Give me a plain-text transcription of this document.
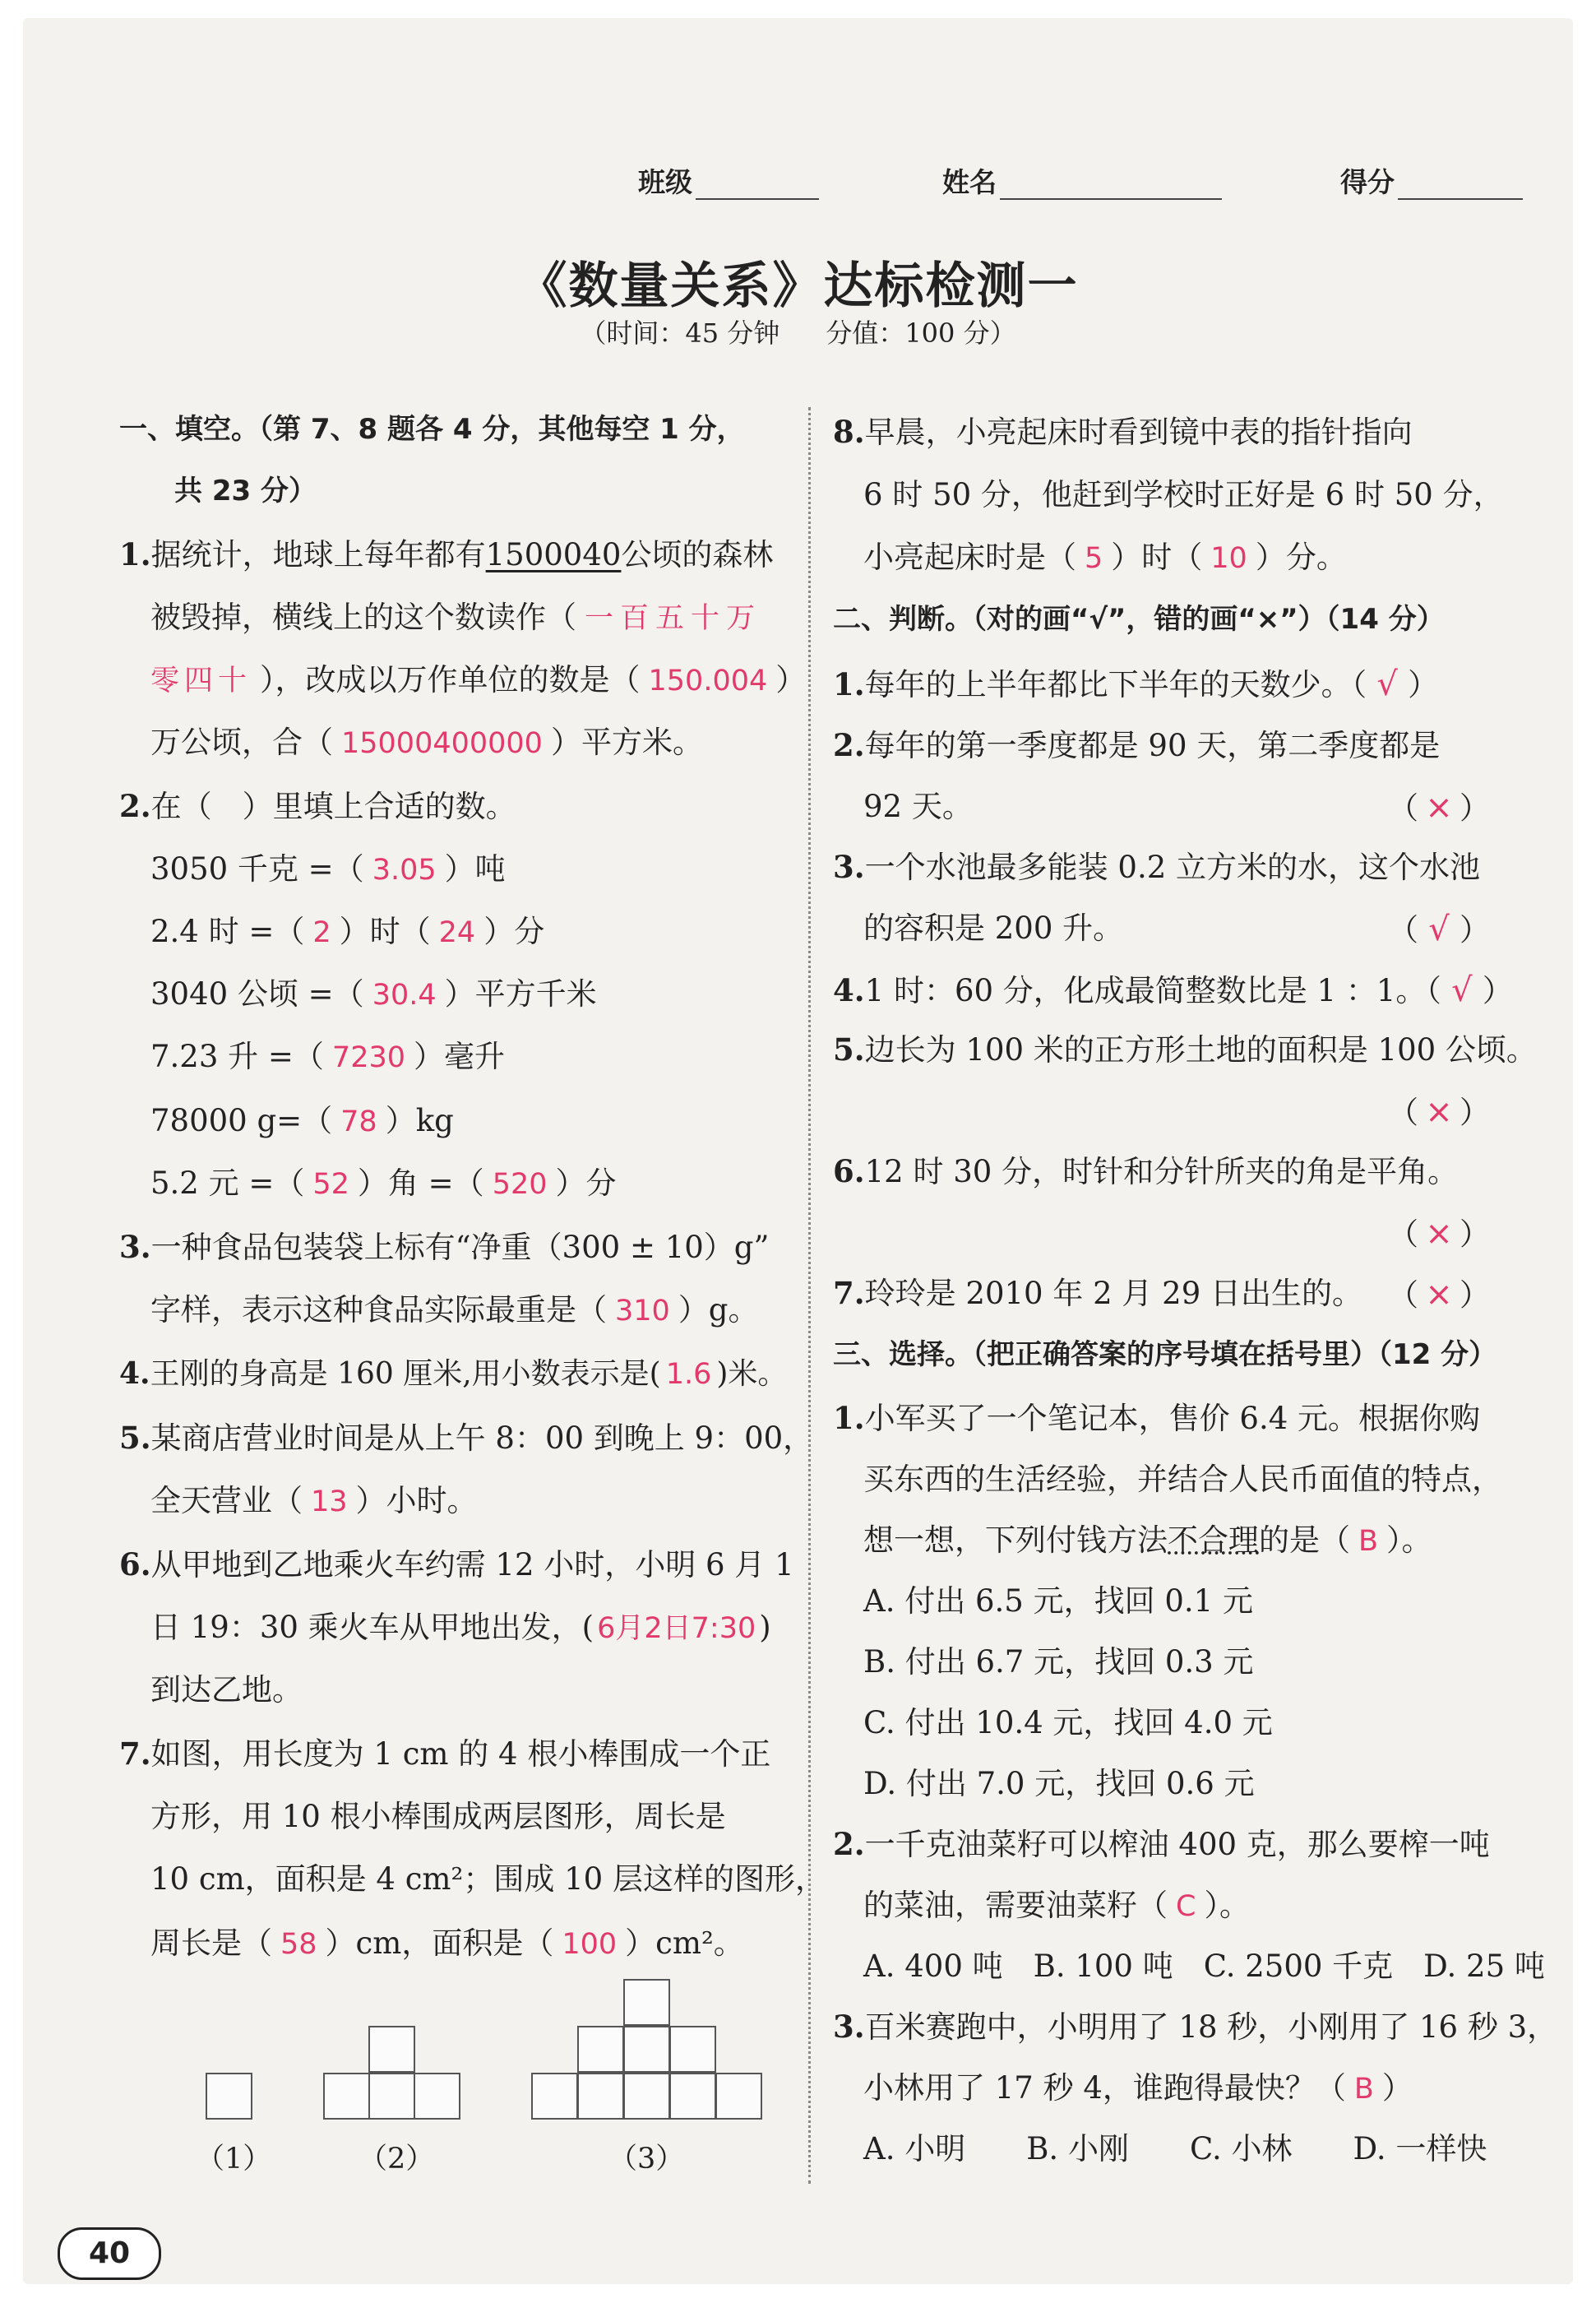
班级	姓名	得分
《数量关系》达标检测一
（时间：45 分钟 分值：100 分）
一、填空。（第 7、8 题各 4 分，其他每空 1 分，
共 23 分）
1.据统计，地球上每年都有1500040公顷的森林
被毁掉，横线上的这个数读作（ 一百五十万
零四十 ），改成以万作单位的数是（ 150.004 ）
万公顷，合（ 15000400000 ）平方米。
2.在（　）里填上合适的数。
3050 千克 =（ 3.05 ）吨
2.4 时 =（ 2 ）时（ 24 ）分
3040 公顷 =（ 30.4 ）平方千米
7.23 升 =（ 7230 ）毫升
78000 g=（ 78 ）kg
5.2 元 =（ 52 ）角 =（ 520 ）分
3.一种食品包装袋上标有“净重（300 ± 10）g”
字样，表示这种食品实际最重是（ 310 ）g。
4.王刚的身高是 160 厘米,用小数表示是( 1.6 )米。
5.某商店营业时间是从上午 8：00 到晚上 9：00，
全天营业（ 13 ）小时。
6.从甲地到乙地乘火车约需 12 小时，小明 6 月 1
日 19：30 乘火车从甲地出发，( 6月2日7:30 )
到达乙地。
7.如图，用长度为 1 cm 的 4 根小棒围成一个正
方形，用 10 根小棒围成两层图形，周长是
10 cm，面积是 4 cm²；围成 10 层这样的图形，
周长是（ 58 ）cm，面积是（ 100 ）cm²。
（1）	（2）	（3）
8.早晨，小亮起床时看到镜中表的指针指向
6 时 50 分，他赶到学校时正好是 6 时 50 分，
小亮起床时是（ 5 ）时（ 10 ）分。
二、判断。（对的画“√”，错的画“×”）（14 分）
1.每年的上半年都比下半年的天数少。（ √ ）
2.每年的第一季度都是 90 天，第二季度都是
92 天。	（ × ）
3.一个水池最多能装 0.2 立方米的水，这个水池
的容积是 200 升。	（ √ ）
4.1 时：60 分，化成最简整数比是 1 ：1。（ √ ）
5.边长为 100 米的正方形土地的面积是 100 公顷。
（ × ）
6.12 时 30 分，时针和分针所夹的角是平角。
（ × ）
7.玲玲是 2010 年 2 月 29 日出生的。 （ × ）
三、选择。（把正确答案的序号填在括号里）（12 分）
1.小军买了一个笔记本，售价 6.4 元。根据你购
买东西的生活经验，并结合人民币面值的特点，
想一想，下列付钱方法不合理的是（ B ）。
A. 付出 6.5 元，找回 0.1 元
B. 付出 6.7 元，找回 0.3 元
C. 付出 10.4 元，找回 4.0 元
D. 付出 7.0 元，找回 0.6 元
2.一千克油菜籽可以榨油 400 克，那么要榨一吨
的菜油，需要油菜籽（ C ）。
A. 400 吨　B. 100 吨　C. 2500 千克　D. 25 吨
3.百米赛跑中，小明用了 18 秒，小刚用了 16 秒 3，
小林用了 17 秒 4，谁跑得最快？（ B ）
A. 小明　　B. 小刚　　C. 小林　　D. 一样快
40
